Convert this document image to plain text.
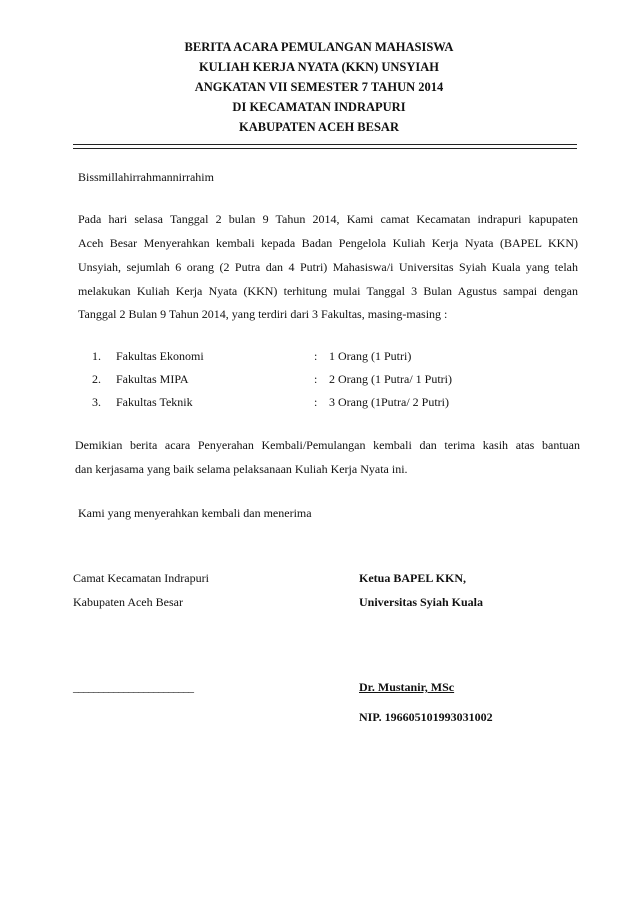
BERITA ACARA PEMULANGAN MAHASISWA
KULIAH KERJA NYATA (KKN) UNSYIAH
ANGKATAN VII SEMESTER 7 TAHUN 2014
DI KECAMATAN INDRAPURI
KABUPATEN ACEH BESAR
Bissmillahirrahmannirrahim
Pada hari selasa Tanggal 2 bulan 9 Tahun 2014, Kami camat Kecamatan indrapuri kapupaten
Aceh Besar Menyerahkan kembali kepada Badan Pengelola Kuliah Kerja Nyata (BAPEL KKN)
Unsyiah, sejumlah 6 orang (2 Putra dan 4 Putri) Mahasiswa/i Universitas Syiah Kuala yang telah
melakukan Kuliah Kerja Nyata (KKN) terhitung mulai Tanggal 3 Bulan Agustus sampai dengan
Tanggal 2 Bulan 9 Tahun 2014, yang terdiri dari 3 Fakultas, masing-masing :
1. Fakultas Ekonomi	: 1 Orang (1 Putri)
2. Fakultas MIPA	: 2 Orang (1 Putra/ 1 Putri)
3. Fakultas Teknik	: 3 Orang (1Putra/ 2 Putri)
Demikian berita acara Penyerahan Kembali/Pemulangan kembali dan terima kasih atas bantuan
dan kerjasama yang baik selama pelaksanaan Kuliah Kerja Nyata ini.
Kami yang menyerahkan kembali dan menerima
Camat Kecamatan Indrapuri
Kabupaten Aceh Besar
________________________
Ketua BAPEL KKN,
Universitas Syiah Kuala
Dr. Mustanir, MSc
NIP. 196605101993031002
